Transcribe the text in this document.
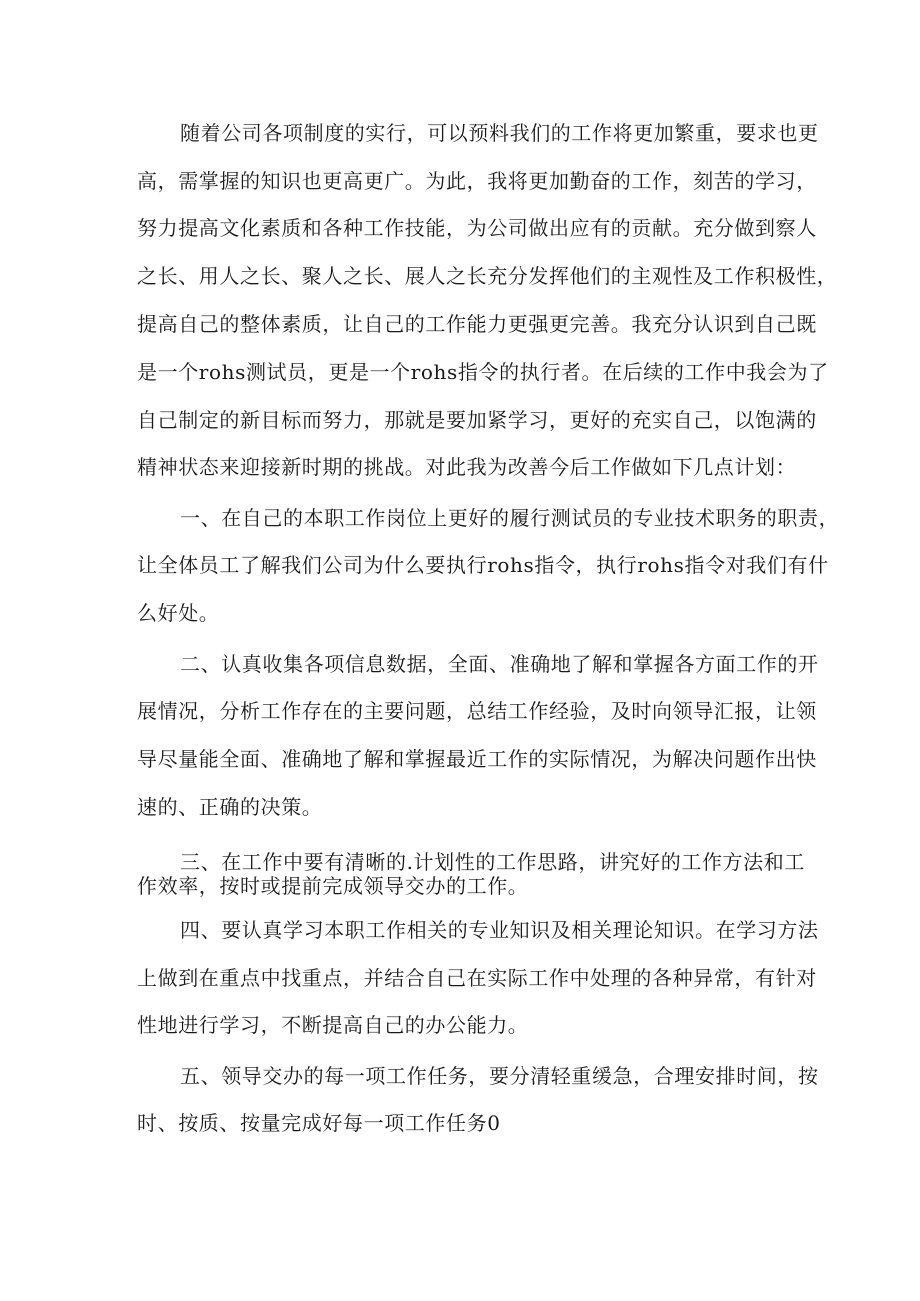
随着公司各项制度的实行，可以预料我们的工作将更加繁重，要求也更

高，需掌握的知识也更高更广。为此，我将更加勤奋的工作，刻苦的学习，

努力提高文化素质和各种工作技能，为公司做出应有的贡献。充分做到察人

之长、用人之长、聚人之长、展人之长充分发挥他们的主观性及工作积极性，

提高自己的整体素质，让自己的工作能力更强更完善。我充分认识到自己既

是一个rohs测试员，更是一个rohs指令的执行者。在后续的工作中我会为了

自己制定的新目标而努力，那就是要加紧学习，更好的充实自己，以饱满的

精神状态来迎接新时期的挑战。对此我为改善今后工作做如下几点计划：

一、在自己的本职工作岗位上更好的履行测试员的专业技术职务的职责，

让全体员工了解我们公司为什么要执行rohs指令，执行rohs指令对我们有什

么好处。

二、认真收集各项信息数据，全面、准确地了解和掌握各方面工作的开

展情况，分析工作存在的主要问题，总结工作经验，及时向领导汇报，让领

导尽量能全面、准确地了解和掌握最近工作的实际情况，为解决问题作出快

速的、正确的决策。

三、在工作中要有清晰的.计划性的工作思路，讲究好的工作方法和工

作效率，按时或提前完成领导交办的工作。

四、要认真学习本职工作相关的专业知识及相关理论知识。在学习方法

上做到在重点中找重点，并结合自己在实际工作中处理的各种异常，有针对

性地进行学习，不断提高自己的办公能力。

五、领导交办的每一项工作任务，要分清轻重缓急，合理安排时间，按

时、按质、按量完成好每一项工作任务0
